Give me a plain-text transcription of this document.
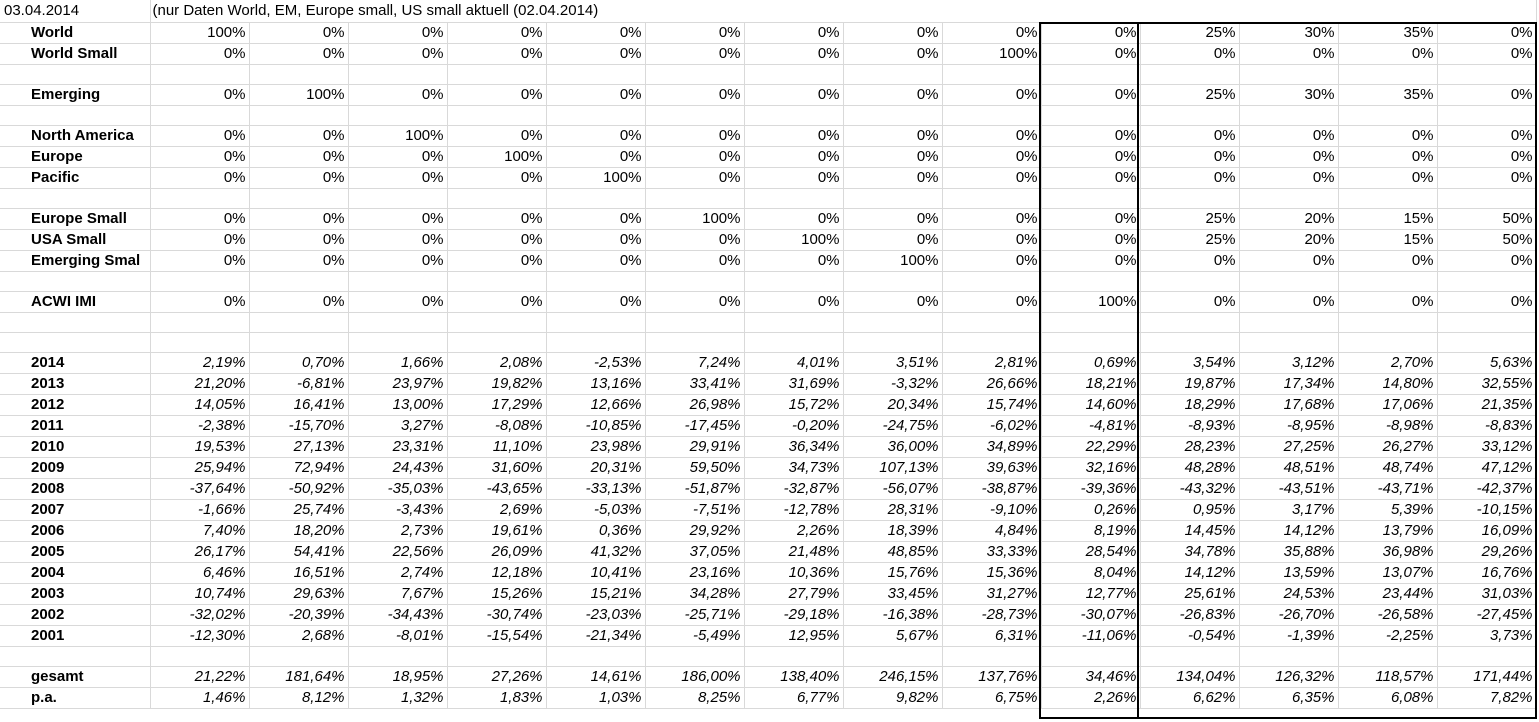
03.04.2014	(nur Daten World, EM, Europe small, US small aktuell (02.04.2014)													
World	100%	0%	0%	0%	0%	0%	0%	0%	0%	0%	25%	30%	35%	0%
World Small	0%	0%	0%	0%	0%	0%	0%	0%	100%	0%	0%	0%	0%	0%

Emerging	0%	100%	0%	0%	0%	0%	0%	0%	0%	0%	25%	30%	35%	0%

North America	0%	0%	100%	0%	0%	0%	0%	0%	0%	0%	0%	0%	0%	0%
Europe	0%	0%	0%	100%	0%	0%	0%	0%	0%	0%	0%	0%	0%	0%
Pacific	0%	0%	0%	0%	100%	0%	0%	0%	0%	0%	0%	0%	0%	0%

Europe Small	0%	0%	0%	0%	0%	100%	0%	0%	0%	0%	25%	20%	15%	50%
USA Small	0%	0%	0%	0%	0%	0%	100%	0%	0%	0%	25%	20%	15%	50%
Emerging Smal	0%	0%	0%	0%	0%	0%	0%	100%	0%	0%	0%	0%	0%	0%

ACWI IMI	0%	0%	0%	0%	0%	0%	0%	0%	0%	100%	0%	0%	0%	0%

2014	2,19%	0,70%	1,66%	2,08%	-2,53%	7,24%	4,01%	3,51%	2,81%	0,69%	3,54%	3,12%	2,70%	5,63%
2013	21,20%	-6,81%	23,97%	19,82%	13,16%	33,41%	31,69%	-3,32%	26,66%	18,21%	19,87%	17,34%	14,80%	32,55%
2012	14,05%	16,41%	13,00%	17,29%	12,66%	26,98%	15,72%	20,34%	15,74%	14,60%	18,29%	17,68%	17,06%	21,35%
2011	-2,38%	-15,70%	3,27%	-8,08%	-10,85%	-17,45%	-0,20%	-24,75%	-6,02%	-4,81%	-8,93%	-8,95%	-8,98%	-8,83%
2010	19,53%	27,13%	23,31%	11,10%	23,98%	29,91%	36,34%	36,00%	34,89%	22,29%	28,23%	27,25%	26,27%	33,12%
2009	25,94%	72,94%	24,43%	31,60%	20,31%	59,50%	34,73%	107,13%	39,63%	32,16%	48,28%	48,51%	48,74%	47,12%
2008	-37,64%	-50,92%	-35,03%	-43,65%	-33,13%	-51,87%	-32,87%	-56,07%	-38,87%	-39,36%	-43,32%	-43,51%	-43,71%	-42,37%
2007	-1,66%	25,74%	-3,43%	2,69%	-5,03%	-7,51%	-12,78%	28,31%	-9,10%	0,26%	0,95%	3,17%	5,39%	-10,15%
2006	7,40%	18,20%	2,73%	19,61%	0,36%	29,92%	2,26%	18,39%	4,84%	8,19%	14,45%	14,12%	13,79%	16,09%
2005	26,17%	54,41%	22,56%	26,09%	41,32%	37,05%	21,48%	48,85%	33,33%	28,54%	34,78%	35,88%	36,98%	29,26%
2004	6,46%	16,51%	2,74%	12,18%	10,41%	23,16%	10,36%	15,76%	15,36%	8,04%	14,12%	13,59%	13,07%	16,76%
2003	10,74%	29,63%	7,67%	15,26%	15,21%	34,28%	27,79%	33,45%	31,27%	12,77%	25,61%	24,53%	23,44%	31,03%
2002	-32,02%	-20,39%	-34,43%	-30,74%	-23,03%	-25,71%	-29,18%	-16,38%	-28,73%	-30,07%	-26,83%	-26,70%	-26,58%	-27,45%
2001	-12,30%	2,68%	-8,01%	-15,54%	-21,34%	-5,49%	12,95%	5,67%	6,31%	-11,06%	-0,54%	-1,39%	-2,25%	3,73%

gesamt	21,22%	181,64%	18,95%	27,26%	14,61%	186,00%	138,40%	246,15%	137,76%	34,46%	134,04%	126,32%	118,57%	171,44%
p.a.	1,46%	8,12%	1,32%	1,83%	1,03%	8,25%	6,77%	9,82%	6,75%	2,26%	6,62%	6,35%	6,08%	7,82%
